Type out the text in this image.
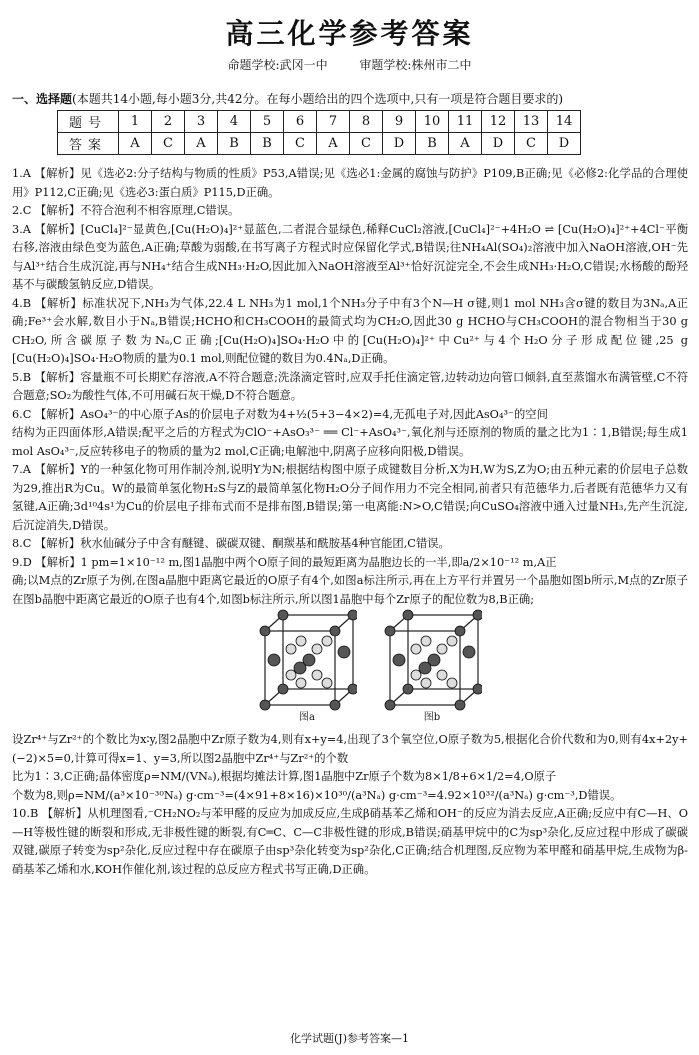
高三化学参考答案
命题学校:武冈一中	审题学校:株州市二中
一、选择题(本题共14小题,每小题3分,共42分。在每小题给出的四个选项中,只有一项是符合题目要求的)
题号	1	2	3	4	5	6	7	8	9	10	11	12	13	14
答案	A	C	A	B	B	C	A	C	D	B	A	D	C	D
1.A 【解析】见《选必2:分子结构与物质的性质》P53,A错误;见《选必1:金属的腐蚀与防护》P109,B正确;见《必修2:化学品的合理使用》P112,C正确;见《选必3:蛋白质》P115,D正确。
2.C 【解析】不符合泡利不相容原理,C错误。
3.A 【解析】[CuCl₄]²⁻显黄色,[Cu(H₂O)₄]²⁺显蓝色,二者混合显绿色,稀释CuCl₂溶液,[CuCl₄]²⁻+4H₂O ⇌ [Cu(H₂O)₄]²⁺+4Cl⁻平衡右移,溶液由绿色变为蓝色,A正确;草酸为弱酸,在书写离子方程式时应保留化学式,B错误;往NH₄Al(SO₄)₂溶液中加入NaOH溶液,OH⁻先与Al³⁺结合生成沉淀,再与NH₄⁺结合生成NH₃·H₂O,因此加入NaOH溶液至Al³⁺恰好沉淀完全,不会生成NH₃·H₂O,C错误;水杨酸的酚羟基不与碳酸氢钠反应,D错误。
4.B 【解析】标准状况下,NH₃为气体,22.4 L NH₃为1 mol,1个NH₃分子中有3个N—H σ键,则1 mol NH₃含σ键的数目为3Nₐ,A正确;Fe³⁺会水解,数目小于Nₐ,B错误;HCHO和CH₃COOH的最简式均为CH₂O,因此30 g HCHO与CH₃COOH的混合物相当于30 g CH₂O,所含碳原子数为Nₐ,C正确;[Cu(H₂O)₄]SO₄·H₂O中的[Cu(H₂O)₄]²⁺中Cu²⁺与4个H₂O分子形成配位键,25 g [Cu(H₂O)₄]SO₄·H₂O物质的量为0.1 mol,则配位键的数目为0.4Nₐ,D正确。
5.B 【解析】容量瓶不可长期贮存溶液,A不符合题意;洗涤滴定管时,应双手托住滴定管,边转动边向管口倾斜,直至蒸馏水布满管壁,C不符合题意;SO₂为酸性气体,不可用碱石灰干燥,D不符合题意。

6.C 【解析】AsO₄³⁻的中心原子As的价层电子对数为4+½(5+3−4×2)=4,无孤电子对,因此AsO₄³⁻的空间

结构为正四面体形,A错误;配平之后的方程式为ClO⁻+AsO₃³⁻ ══ Cl⁻+AsO₄³⁻,氧化剂与还原剂的物质的量之比为1∶1,B错误;每生成1 mol AsO₄³⁻,反应转移电子的物质的量为2 mol,C正确;电解池中,阴离子应移向阳极,D错误。

7.A 【解析】Y的一种氢化物可用作制冷剂,说明Y为N;根据结构图中原子成键数目分析,X为H,W为S,Z为O;由五种元素的价层电子总数为29,推出R为Cu。W的最简单氢化物H₂S与Z的最简单氢化物H₂O分子间作用力不完全相同,前者只有范德华力,后者既有范德华力又有氢键,A正确;3d¹⁰4s¹为Cu的价层电子排布式而不是排布图,B错误;第一电离能:N>O,C错误;向CuSO₄溶液中通入过量NH₃,先产生沉淀,后沉淀消失,D错误。
8.C 【解析】秋水仙碱分子中含有醚键、碳碳双键、酮羰基和酰胺基4种官能团,C错误。

9.D 【解析】1 pm=1×10⁻¹² m,图1晶胞中两个O原子间的最短距离为晶胞边长的一半,即a/2×10⁻¹² m,A正

确;以M点的Zr原子为例,在图a晶胞中距离它最近的O原子有4个,如图a标注所示,再在上方平行并置另一个晶胞如图b所示,M点的Zr原子在图b晶胞中距离它最近的O原子也有4个,如图b标注所示,所以图1晶胞中每个Zr原子的配位数为8,B正确;

图a	图b

设Zr⁴⁺与Zr²⁺的个数比为x∶y,图2晶胞中Zr原子数为4,则有x+y=4,出现了3个氧空位,O原子数为5,根据化合价代数和为0,则有4x+2y+(−2)×5=0,计算可得x=1、y=3,所以图2晶胞中Zr⁴⁺与Zr²⁺的个数

比为1∶3,C正确;晶体密度ρ=NM/(VNₐ),根据均摊法计算,图1晶胞中Zr原子个数为8×1/8+6×1/2=4,O原子

个数为8,则ρ=NM/(a³×10⁻³⁰Nₐ) g·cm⁻³=(4×91+8×16)×10³⁰/(a³Nₐ) g·cm⁻³=4.92×10³²/(a³Nₐ) g·cm⁻³,D错误。

10.B 【解析】从机理图看,⁻CH₂NO₂与苯甲醛的反应为加成反应,生成β硝基苯乙烯和OH⁻的反应为消去反应,A正确;反应中有C—H、O—H等极性键的断裂和形成,无非极性键的断裂,有C═C、C—C非极性键的形成,B错误;硝基甲烷中的C为sp³杂化,反应过程中形成了碳碳双键,碳原子转变为sp²杂化,反应过程中存在碳原子由sp³杂化转变为sp²杂化,C正确;结合机理图,反应物为苯甲醛和硝基甲烷,生成物为β-硝基苯乙烯和水,KOH作催化剂,该过程的总反应方程式书写正确,D正确。
化学试题(J)参考答案—1
